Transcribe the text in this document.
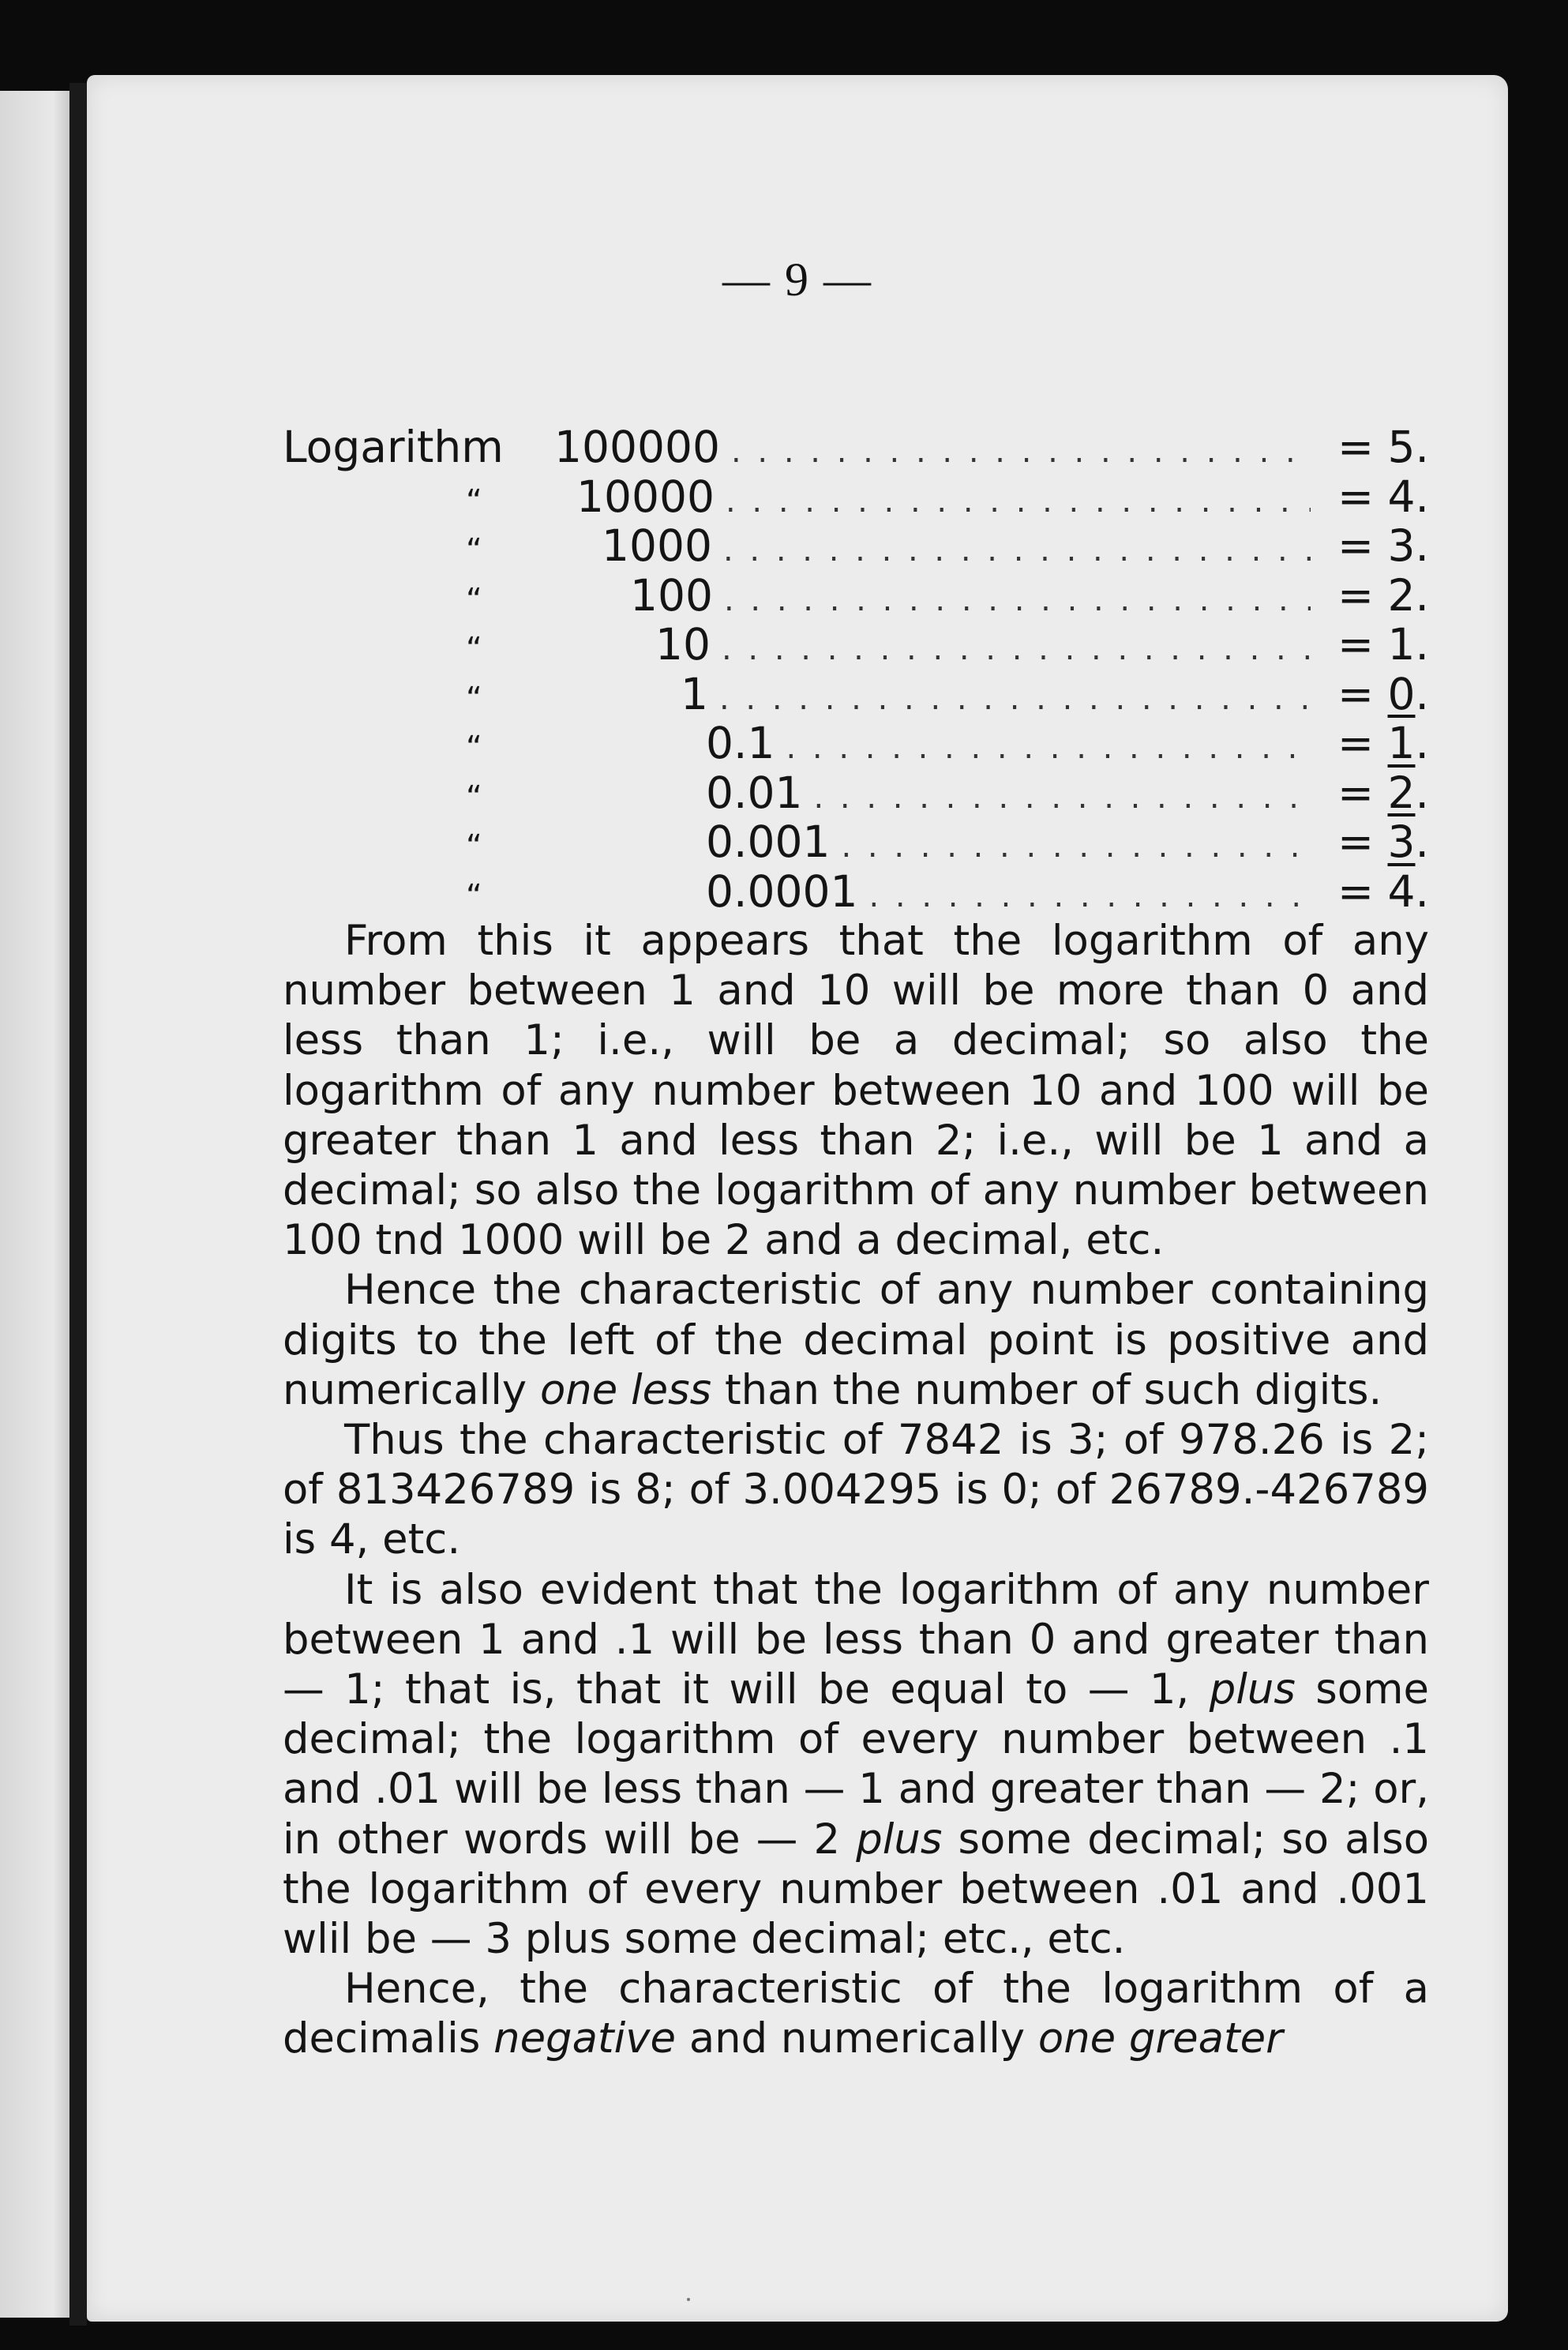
— 9 —
Logarithm	100000 . . .	= 5.
“	10000 . . .	= 4.
“	1000 . . .	= 3.
“	100 . . .	= 2.
“	10 . . .	= 1.
“	1 . . .	= 0.
“	0.1 . . .	= 1.
“	0.01 . . .	= 2.
“	0.001 . . .	= 3.
“	0.0001 . . .	= 4.

From this it appears that the logarithm of any number between 1 and 10 will be more than 0 and less than 1; i.e., will be a decimal; so also the logarithm of any number between 10 and 100 will be greater than 1 and less than 2; i.e., will be 1 and a decimal; so also the logarithm of any number between 100 tnd 1000 will be 2 and a decimal, etc.

Hence the characteristic of any number containing digits to the left of the decimal point is positive and numerically one less than the number of such digits.

Thus the characteristic of 7842 is 3; of 978.26 is 2; of 813426789 is 8; of 3.004295 is 0; of 26789.-426789 is 4, etc.

It is also evident that the logarithm of any number between 1 and .1 will be less than 0 and greater than — 1; that is, that it will be equal to — 1, plus some decimal; the logarithm of every number between .1 and .01 will be less than — 1 and greater than — 2; or, in other words will be — 2 plus some decimal; so also the logarithm of every number between .01 and .001 wlil be — 3 plus some decimal; etc., etc.

Hence, the characteristic of the logarithm of a decimalis negative and numerically one greater
